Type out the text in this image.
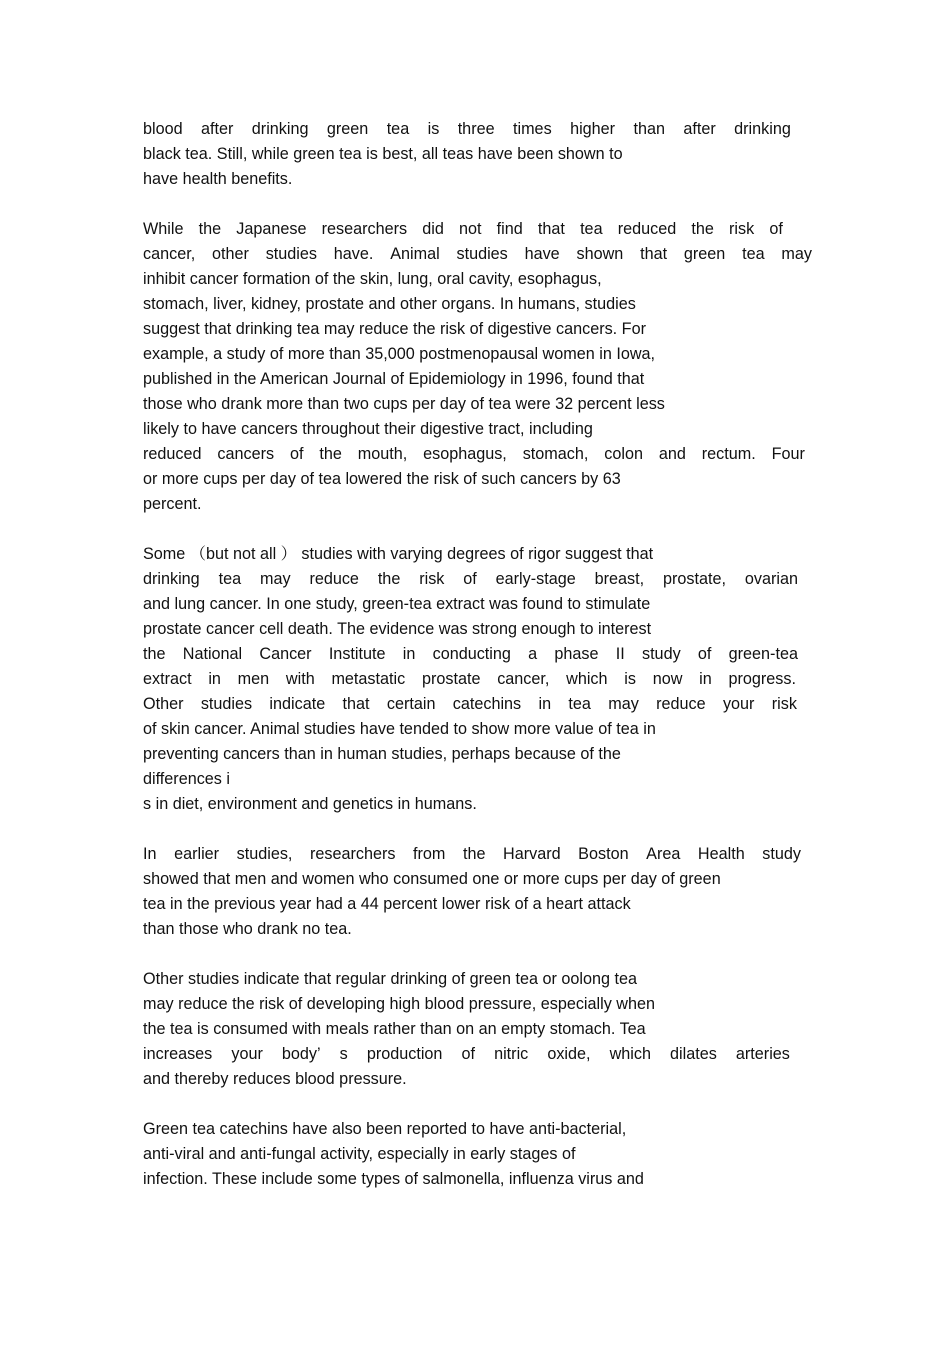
blood after drinking green tea is three times higher than after drinking
black tea. Still, while green tea is best, all teas have been shown to
have health benefits.
While the Japanese researchers did not find that tea reduced the risk of
cancer, other studies have. Animal studies have shown that green tea may
inhibit cancer formation of the skin, lung, oral cavity, esophagus,
stomach, liver, kidney, prostate and other organs. In humans, studies
suggest that drinking tea may reduce the risk of digestive cancers. For
example, a study of more than 35,000 postmenopausal women in Iowa,
published in the American Journal of Epidemiology in 1996, found that
those who drank more than two cups per day of tea were 32 percent less
likely to have cancers throughout their digestive tract, including
reduced cancers of the mouth, esophagus, stomach, colon and rectum. Four
or more cups per day of tea lowered the risk of such cancers by 63
percent.
Some （but not all ） studies with varying degrees of rigor suggest that
drinking tea may reduce the risk of early-stage breast, prostate, ovarian
and lung cancer. In one study, green-tea extract was found to stimulate
prostate cancer cell death. The evidence was strong enough to interest
the National Cancer Institute in conducting a phase II study of green-tea
extract in men with metastatic prostate cancer, which is now in progress.
Other studies indicate that certain catechins in tea may reduce your risk
of skin cancer. Animal studies have tended to show more value of tea in
preventing cancers than in human studies, perhaps because of the
differences i
s in diet, environment and genetics in humans.
In earlier studies, researchers from the Harvard Boston Area Health study
showed that men and women who consumed one or more cups per day of green
tea in the previous year had a 44 percent lower risk of a heart attack
than those who drank no tea.
Other studies indicate that regular drinking of green tea or oolong tea
may reduce the risk of developing high blood pressure, especially when
the tea is consumed with meals rather than on an empty stomach. Tea
increases your body’ s production of nitric oxide, which dilates arteries
and thereby reduces blood pressure.
Green tea catechins have also been reported to have anti-bacterial,
anti-viral and anti-fungal activity, especially in early stages of
infection. These include some types of salmonella, influenza virus and
